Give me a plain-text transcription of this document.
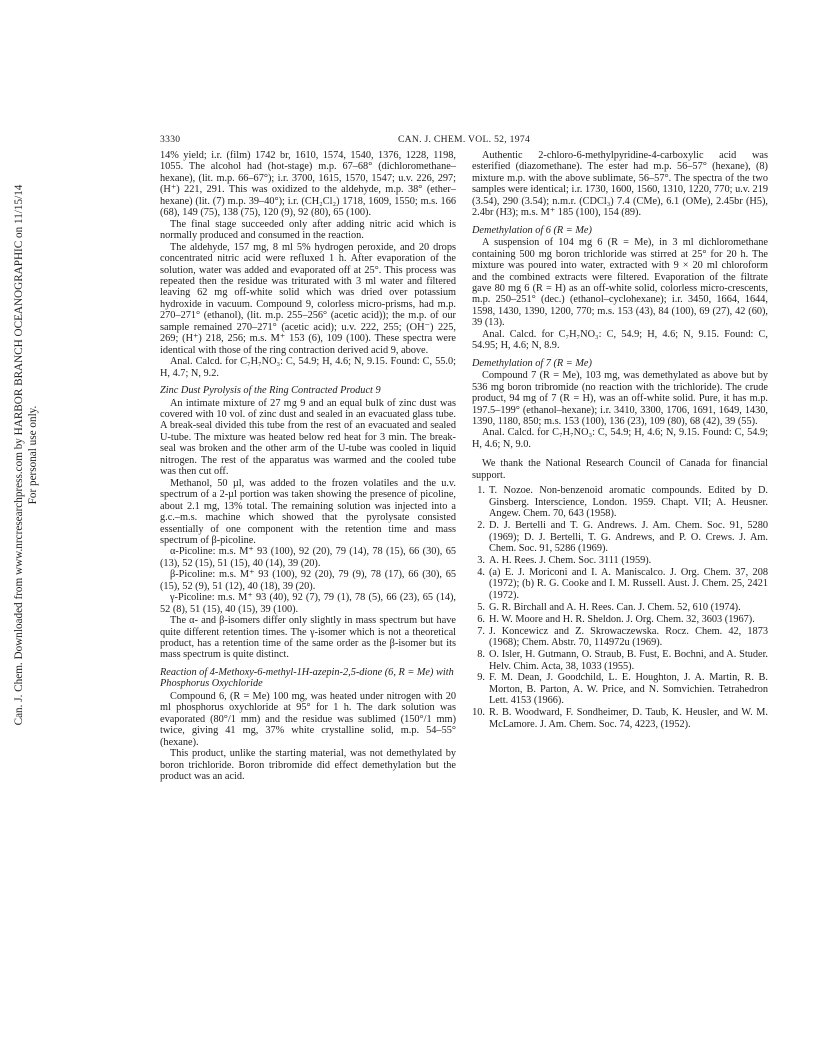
Can. J. Chem. Downloaded from www.nrcresearchpress.com by HARBOR BRANCH OCEANOGRAPHIC on 11/15/14 For personal use only.
3330	CAN. J. CHEM. VOL. 52, 1974

14% yield; i.r. (film) 1742 br, 1610, 1574, 1540, 1376, 1228, 1198, 1055. The alcohol had (hot-stage) m.p. 67–68° (dichloromethane–hexane), (lit. m.p. 66–67°); i.r. 3700, 1615, 1570, 1547; u.v. 226, 297; (H⁺) 221, 291. This was oxidized to the aldehyde, m.p. 38° (ether–hexane) (lit. (7) m.p. 39–40°); i.r. (CH₂Cl₂) 1718, 1609, 1550; m.s. 166 (68), 149 (75), 138 (75), 120 (9), 92 (80), 65 (100).

The final stage succeeded only after adding nitric acid which is normally produced and consumed in the reaction.

The aldehyde, 157 mg, 8 ml 5% hydrogen peroxide, and 20 drops concentrated nitric acid were refluxed 1 h. After evaporation of the solution, water was added and evaporated off at 25°. This process was repeated then the residue was triturated with 3 ml water and filtered leaving 62 mg off-white solid which was dried over potassium hydroxide in vacuum. Compound 9, colorless micro-prisms, had m.p. 270–271° (ethanol), (lit. m.p. 255–256° (acetic acid)); the m.p. of our sample remained 270–271° (acetic acid); u.v. 222, 255; (OH⁻) 225, 269; (H⁺) 218, 256; m.s. M⁺ 153 (6), 109 (100). These spectra were identical with those of the ring contraction derived acid 9, above.

Anal. Calcd. for C₇H₇NO₃: C, 54.9; H, 4.6; N, 9.15. Found: C, 55.0; H, 4.7; N, 9.2.

Zinc Dust Pyrolysis of the Ring Contracted Product 9

An intimate mixture of 27 mg 9 and an equal bulk of zinc dust was covered with 10 vol. of zinc dust and sealed in an evacuated glass tube. A break-seal divided this tube from the rest of an evacuated and sealed U-tube. The mixture was heated below red heat for 3 min. The break-seal was broken and the other arm of the U-tube was cooled in liquid nitrogen. The rest of the apparatus was warmed and the cooled tube was then cut off.

Methanol, 50 µl, was added to the frozen volatiles and the u.v. spectrum of a 2-µl portion was taken showing the presence of picoline, about 2.1 mg, 13% total. The remaining solution was injected into a g.c.–m.s. machine which showed that the pyrolysate consisted essentially of one component with the retention time and mass spectrum of β-picoline.

α-Picoline: m.s. M⁺ 93 (100), 92 (20), 79 (14), 78 (15), 66 (30), 65 (13), 52 (15), 51 (15), 40 (14), 39 (20).

β-Picoline: m.s. M⁺ 93 (100), 92 (20), 79 (9), 78 (17), 66 (30), 65 (15), 52 (9), 51 (12), 40 (18), 39 (20).

γ-Picoline: m.s. M⁺ 93 (40), 92 (7), 79 (1), 78 (5), 66 (23), 65 (14), 52 (8), 51 (15), 40 (15), 39 (100).

The α- and β-isomers differ only slightly in mass spectrum but have quite different retention times. The γ-isomer which is not a theoretical product, has a retention time of the same order as the β-isomer but its mass spectrum is quite distinct.

Reaction of 4-Methoxy-6-methyl-1H-azepin-2,5-dione (6, R = Me) with Phosphorus Oxychloride

Compound 6, (R = Me) 100 mg, was heated under nitrogen with 20 ml phosphorus oxychloride at 95° for 1 h. The dark solution was evaporated (80°/1 mm) and the residue was sublimed (150°/1 mm) twice, giving 41 mg, 37% white crystalline solid, m.p. 54–55° (hexane).

This product, unlike the starting material, was not demethylated by boron trichloride. Boron tribromide did effect demethylation but the product was an acid.

Authentic 2-chloro-6-methylpyridine-4-carboxylic acid was esterified (diazomethane). The ester had m.p. 56–57° (hexane), (8) mixture m.p. with the above sublimate, 56–57°. The spectra of the two samples were identical; i.r. 1730, 1600, 1560, 1310, 1220, 770; u.v. 219 (3.54), 290 (3.54); n.m.r. (CDCl₃) 7.4 (CMe), 6.1 (OMe), 2.45br (H5), 2.4br (H3); m.s. M⁺ 185 (100), 154 (89).

Demethylation of 6 (R = Me)

A suspension of 104 mg 6 (R = Me), in 3 ml dichloromethane containing 500 mg boron trichloride was stirred at 25° for 20 h. The mixture was poured into water, extracted with 9 × 20 ml chloroform and the combined extracts were filtered. Evaporation of the filtrate gave 80 mg 6 (R = H) as an off-white solid, colorless micro-crescents, m.p. 250–251° (dec.) (ethanol–cyclohexane); i.r. 3450, 1664, 1644, 1598, 1430, 1390, 1200, 770; m.s. 153 (43), 84 (100), 69 (27), 42 (60), 39 (13).

Anal. Calcd. for C₇H₇NO₃: C, 54.9; H, 4.6; N, 9.15. Found: C, 54.95; H, 4.6; N, 8.9.

Demethylation of 7 (R = Me)

Compound 7 (R = Me), 103 mg, was demethylated as above but by 536 mg boron tribromide (no reaction with the trichloride). The crude product, 94 mg of 7 (R = H), was an off-white solid. Pure, it has m.p. 197.5–199° (ethanol–hexane); i.r. 3410, 3300, 1706, 1691, 1649, 1430, 1390, 1180, 850; m.s. 153 (100), 136 (23), 109 (80), 68 (42), 39 (55).

Anal. Calcd. for C₇H₇NO₃: C, 54.9; H, 4.6; N, 9.15. Found: C, 54.9; H, 4.6; N, 9.0.

We thank the National Research Council of Canada for financial support.

1. T. Nozoe. Non-benzenoid aromatic compounds. Edited by D. Ginsberg. Interscience, London. 1959. Chapt. VII; A. Heusner. Angew. Chem. 70, 643 (1958).
2. D. J. Bertelli and T. G. Andrews. J. Am. Chem. Soc. 91, 5280 (1969); D. J. Bertelli, T. G. Andrews, and P. O. Crews. J. Am. Chem. Soc. 91, 5286 (1969).
3. A. H. Rees. J. Chem. Soc. 3111 (1959).
4. (a) E. J. Moriconi and I. A. Maniscalco. J. Org. Chem. 37, 208 (1972); (b) R. G. Cooke and I. M. Russell. Aust. J. Chem. 25, 2421 (1972).
5. G. R. Birchall and A. H. Rees. Can. J. Chem. 52, 610 (1974).
6. H. W. Moore and H. R. Sheldon. J. Org. Chem. 32, 3603 (1967).
7. J. Koncewicz and Z. Skrowaczewska. Rocz. Chem. 42, 1873 (1968); Chem. Abstr. 70, 114972u (1969).
8. O. Isler, H. Gutmann, O. Straub, B. Fust, E. Bochni, and A. Studer. Helv. Chim. Acta, 38, 1033 (1955).
9. F. M. Dean, J. Goodchild, L. E. Houghton, J. A. Martin, R. B. Morton, B. Parton, A. W. Price, and N. Somvichien. Tetrahedron Lett. 4153 (1966).
10. R. B. Woodward, F. Sondheimer, D. Taub, K. Heusler, and W. M. McLamore. J. Am. Chem. Soc. 74, 4223, (1952).
